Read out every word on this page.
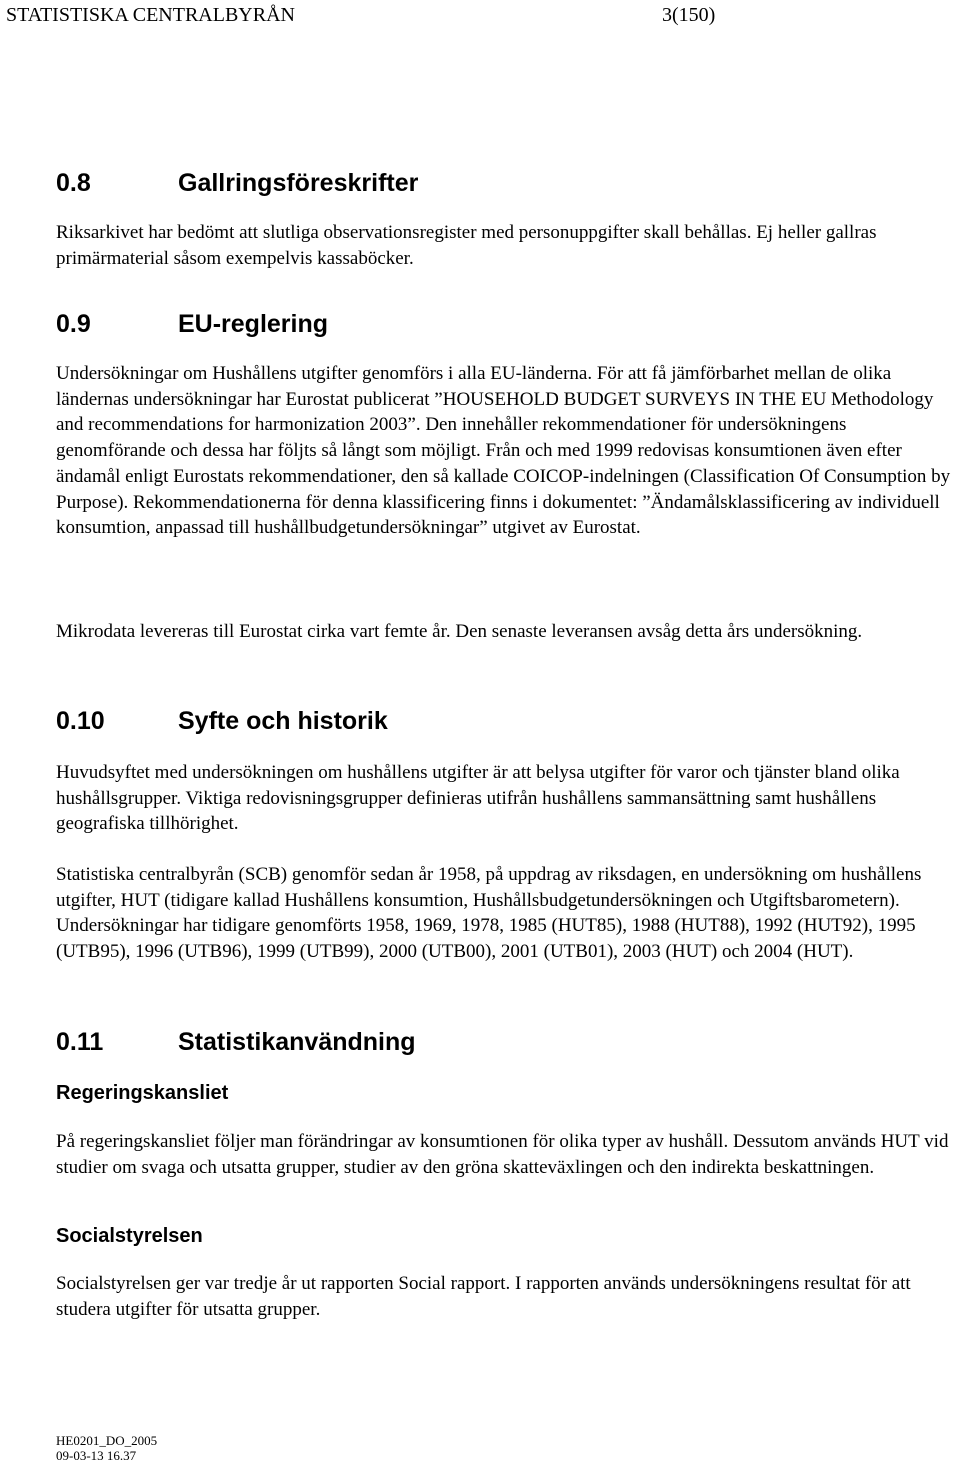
STATISTISKA CENTRALBYRÅN	3(150)
0.8	Gallringsföreskrifter
Riksarkivet har bedömt att slutliga observationsregister med personuppgifter skall behållas. Ej heller gallras primärmaterial såsom exempelvis kassaböcker.
0.9	EU-reglering
Undersökningar om Hushållens utgifter genomförs i alla EU-länderna. För att få jämförbarhet mellan de olika ländernas undersökningar har Eurostat publicerat ”HOUSEHOLD BUDGET SURVEYS IN THE EU Methodology and recommendations for harmonization 2003”. Den innehåller rekommendationer för undersökningens genomförande och dessa har följts så långt som möjligt. Från och med 1999 redovisas konsumtionen även efter ändamål enligt Eurostats rekommendationer, den så kallade COICOP-indelningen (Classification Of Consumption by Purpose). Rekommendationerna för denna klassificering finns i dokumentet: ”Ändamålsklassificering av individuell konsumtion, anpassad till hushållbudgetundersökningar” utgivet av Eurostat.
Mikrodata levereras till Eurostat cirka vart femte år. Den senaste leveransen avsåg detta års undersökning.
0.10	Syfte och historik
Huvudsyftet med undersökningen om hushållens utgifter är att belysa utgifter för varor och tjänster bland olika hushållsgrupper. Viktiga redovisningsgrupper definieras utifrån hushållens sammansättning samt hushållens geografiska tillhörighet.
Statistiska centralbyrån (SCB) genomför sedan år 1958, på uppdrag av riksdagen, en undersökning om hushållens utgifter, HUT (tidigare kallad Hushållens konsumtion, Hushållsbudgetundersökningen och Utgiftsbarometern). Undersökningar har tidigare genomförts 1958, 1969, 1978, 1985 (HUT85), 1988 (HUT88), 1992 (HUT92), 1995 (UTB95), 1996 (UTB96), 1999 (UTB99), 2000 (UTB00), 2001 (UTB01), 2003 (HUT) och 2004 (HUT).
0.11	Statistikanvändning
Regeringskansliet
På regeringskansliet följer man förändringar av konsumtionen för olika typer av hushåll. Dessutom används HUT vid studier om svaga och utsatta grupper, studier av den gröna skatteväxlingen och den indirekta beskattningen.
Socialstyrelsen
Socialstyrelsen ger var tredje år ut rapporten Social rapport. I rapporten används undersökningens resultat för att studera utgifter för utsatta grupper.
HE0201_DO_2005
09-03-13 16.37
